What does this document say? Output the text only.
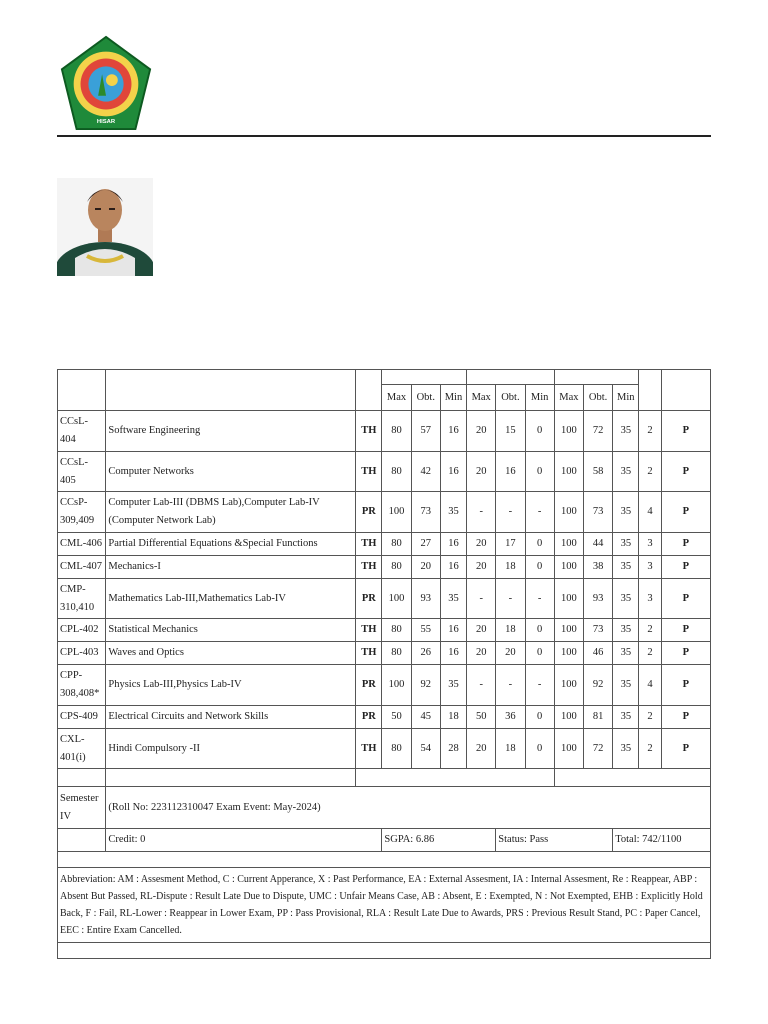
HISAR

			Max	Obt.	Min	Max	Obt.	Min	Max	Obt.	Min		
CCsL-404	Software Engineering	TH	80	57	16	20	15	0	100	72	35	2	P
CCsL-405	Computer Networks	TH	80	42	16	20	16	0	100	58	35	2	P
CCsP-309,409	Computer Lab-III (DBMS Lab),Computer Lab-IV (Computer Network Lab)	PR	100	73	35	-	-	-	100	73	35	4	P
CML-406	Partial Differential Equations &Special Functions	TH	80	27	16	20	17	0	100	44	35	3	P
CML-407	Mechanics-I	TH	80	20	16	20	18	0	100	38	35	3	P
CMP-310,410	Mathematics Lab-III,Mathematics Lab-IV	PR	100	93	35	-	-	-	100	93	35	3	P
CPL-402	Statistical Mechanics	TH	80	55	16	20	18	0	100	73	35	2	P
CPL-403	Waves and Optics	TH	80	26	16	20	20	0	100	46	35	2	P
CPP-308,408*	Physics Lab-III,Physics Lab-IV	PR	100	92	35	-	-	-	100	92	35	4	P
CPS-409	Electrical Circuits and Network Skills	PR	50	45	18	50	36	0	100	81	35	2	P
CXL-401(i)	Hindi Compulsory -II	TH	80	54	28	20	18	0	100	72	35	2	P

Semester IV	(Roll No: 223112310047 Exam Event: May-2024)												
	Credit: 0		SGPA: 6.86				Status: Pass				Total: 742/1100		

Abbreviation: AM : Assesment Method, C : Current Apperance, X : Past Performance, EA : External Assesment, IA : Internal Assesment, Re : Reappear, ABP : Absent But Passed, RL-Dispute : Result Late Due to Dispute, UMC : Unfair Means Case, AB : Absent, E : Exempted, N : Not Exempted, EHB : Explicitly Hold Back, F : Fail, RL-Lower : Reappear in Lower Exam, PP : Pass Provisional, RLA : Result Late Due to Awards, PRS : Previous Result Stand, PC : Paper Cancel, EEC : Entire Exam Cancelled.													
